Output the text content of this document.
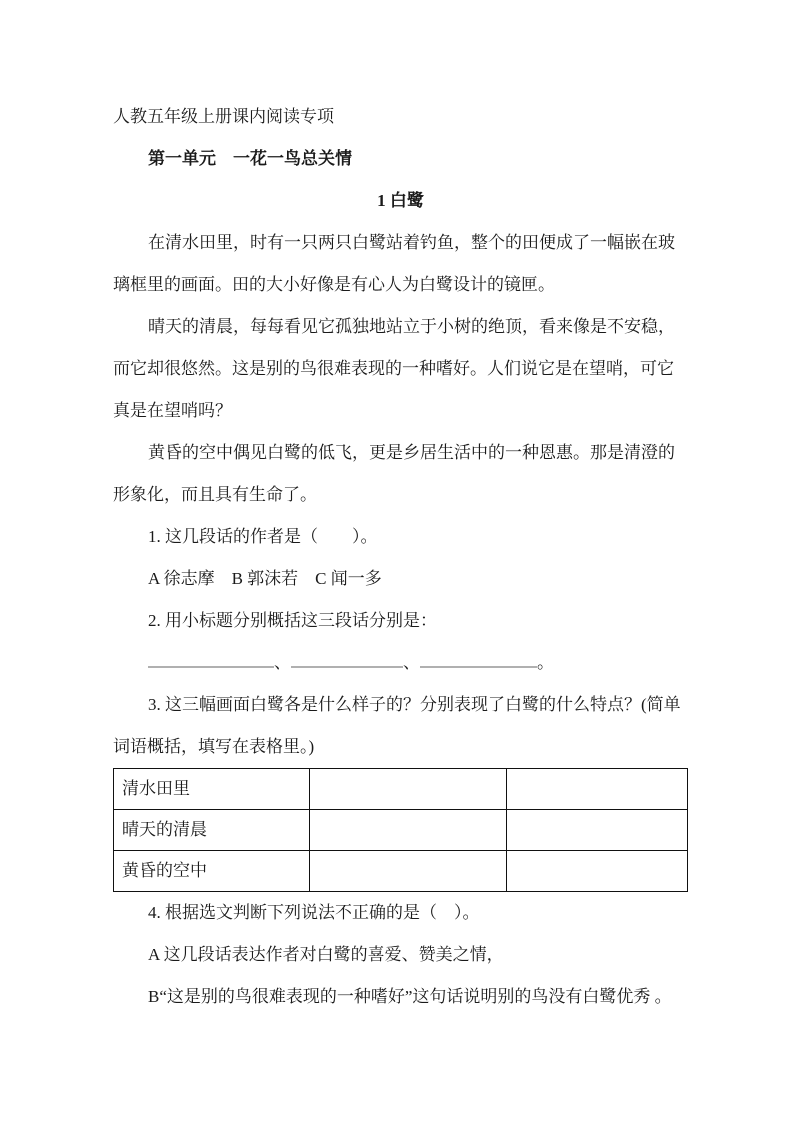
人教五年级上册课内阅读专项

第一单元　一花一鸟总关情

1 白鹭

在清水田里，时有一只两只白鹭站着钓鱼，整个的田便成了一幅嵌在玻璃框里的画面。田的大小好像是有心人为白鹭设计的镜匣。

晴天的清晨，每每看见它孤独地站立于小树的绝顶，看来像是不安稳，而它却很悠然。这是别的鸟很难表现的一种嗜好。人们说它是在望哨，可它真是在望哨吗？

黄昏的空中偶见白鹭的低飞，更是乡居生活中的一种恩惠。那是清澄的形象化，而且具有生命了。

1. 这几段话的作者是（　　）。

A 徐志摩　B 郭沫若　C 闻一多

2. 用小标题分别概括这三段话分别是：

、	、	。

3. 这三幅画面白鹭各是什么样子的？分别表现了白鹭的什么特点？(简单词语概括，填写在表格里。)

清水田里		
晴天的清晨		
黄昏的空中		

4. 根据选文判断下列说法不正确的是（　）。

A 这几段话表达作者对白鹭的喜爱、赞美之情，

B“这是别的鸟很难表现的一种嗜好”这句话说明别的鸟没有白鹭优秀 。
